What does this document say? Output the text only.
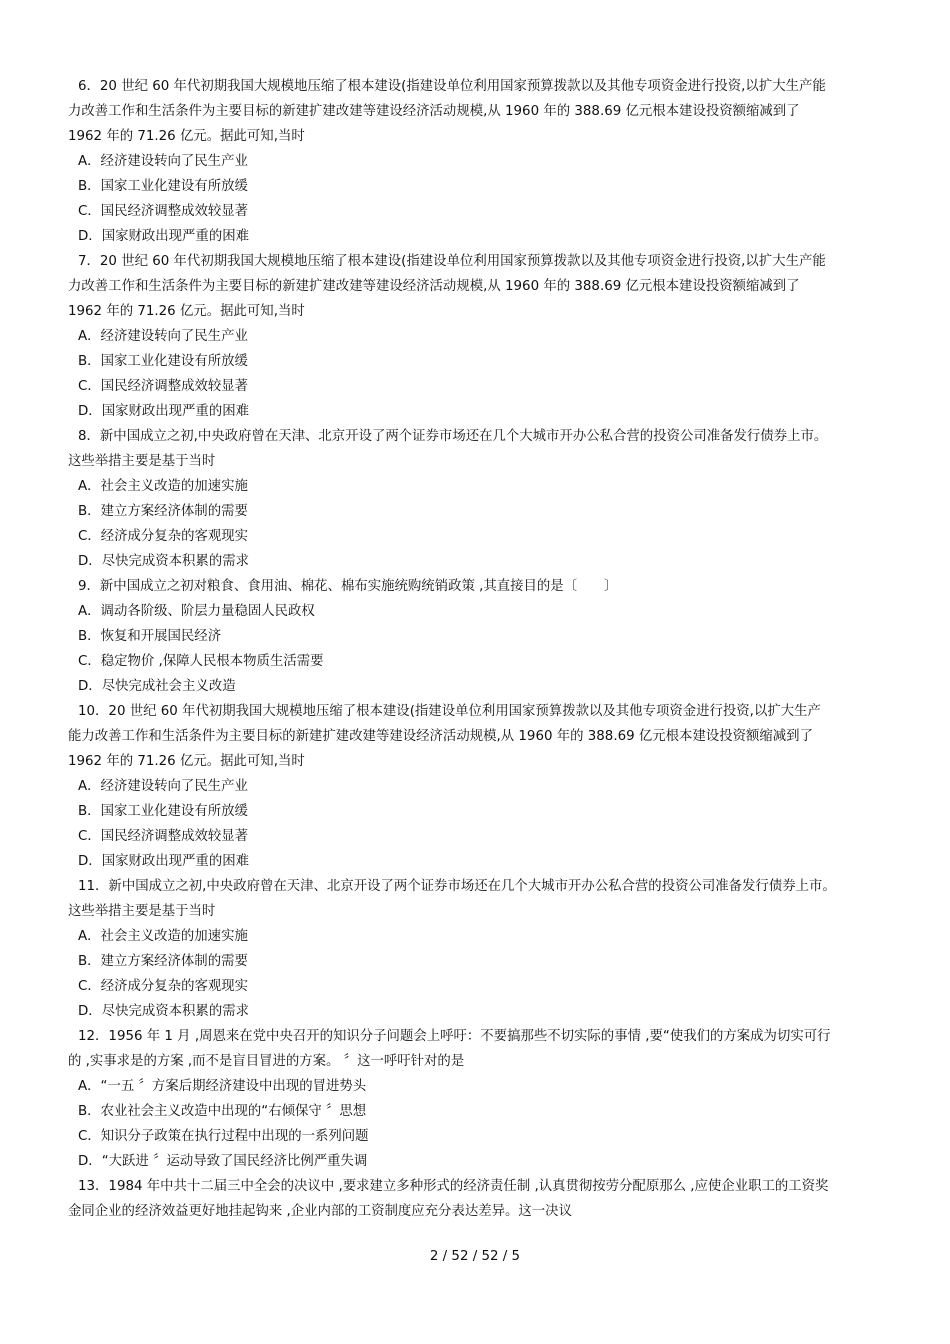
6．20 世纪 60 年代初期我国大规模地压缩了根本建设(指建设单位利用国家预算拨款以及其他专项资金进行投资,以扩大生产能
力改善工作和生活条件为主要目标的新建扩建改建等建设经济活动规模,从 1960 年的 388.69 亿元根本建设投资额缩减到了
1962 年的 71.26 亿元。据此可知,当时
A．经济建设转向了民生产业
B．国家工业化建设有所放缓
C．国民经济调整成效较显著
D．国家财政出现严重的困难
7．20 世纪 60 年代初期我国大规模地压缩了根本建设(指建设单位利用国家预算拨款以及其他专项资金进行投资,以扩大生产能
力改善工作和生活条件为主要目标的新建扩建改建等建设经济活动规模,从 1960 年的 388.69 亿元根本建设投资额缩减到了
1962 年的 71.26 亿元。据此可知,当时
A．经济建设转向了民生产业
B．国家工业化建设有所放缓
C．国民经济调整成效较显著
D．国家财政出现严重的困难
8．新中国成立之初,中央政府曾在天津、北京开设了两个证券市场还在几个大城市开办公私合营的投资公司准备发行债券上市。
这些举措主要是基于当时
A．社会主义改造的加速实施
B．建立方案经济体制的需要
C．经济成分复杂的客观现实
D．尽快完成资本积累的需求
9．新中国成立之初对粮食、食用油、棉花、棉布实施统购统销政策 ,其直接目的是〔　　〕
A．调动各阶级、阶层力量稳固人民政权
B．恢复和开展国民经济
C．稳定物价 ,保障人民根本物质生活需要
D．尽快完成社会主义改造
10．20 世纪 60 年代初期我国大规模地压缩了根本建设(指建设单位利用国家预算拨款以及其他专项资金进行投资,以扩大生产
能力改善工作和生活条件为主要目标的新建扩建改建等建设经济活动规模,从 1960 年的 388.69 亿元根本建设投资额缩减到了
1962 年的 71.26 亿元。据此可知,当时
A．经济建设转向了民生产业
B．国家工业化建设有所放缓
C．国民经济调整成效较显著
D．国家财政出现严重的困难
11．新中国成立之初,中央政府曾在天津、北京开设了两个证券市场还在几个大城市开办公私合营的投资公司准备发行债券上市。
这些举措主要是基于当时
A．社会主义改造的加速实施
B．建立方案经济体制的需要
C．经济成分复杂的客观现实
D．尽快完成资本积累的需求
12．1956 年 1 月 ,周恩来在党中央召开的知识分子问题会上呼吁：不要搞那些不切实际的事情 ,要“使我们的方案成为切实可行
的 ,实事求是的方案 ,而不是盲目冒进的方案。 〞这一呼吁针对的是
A．“一五 〞方案后期经济建设中出现的冒进势头
B．农业社会主义改造中出现的“右倾保守 〞思想
C．知识分子政策在执行过程中出现的一系列问题
D．“大跃进 〞运动导致了国民经济比例严重失调
13．1984 年中共十二届三中全会的决议中 ,要求建立多种形式的经济责任制 ,认真贯彻按劳分配原那么 ,应使企业职工的工资奖
金同企业的经济效益更好地挂起钩来 ,企业内部的工资制度应充分表达差异。这一决议
2 / 52 / 52 / 5
